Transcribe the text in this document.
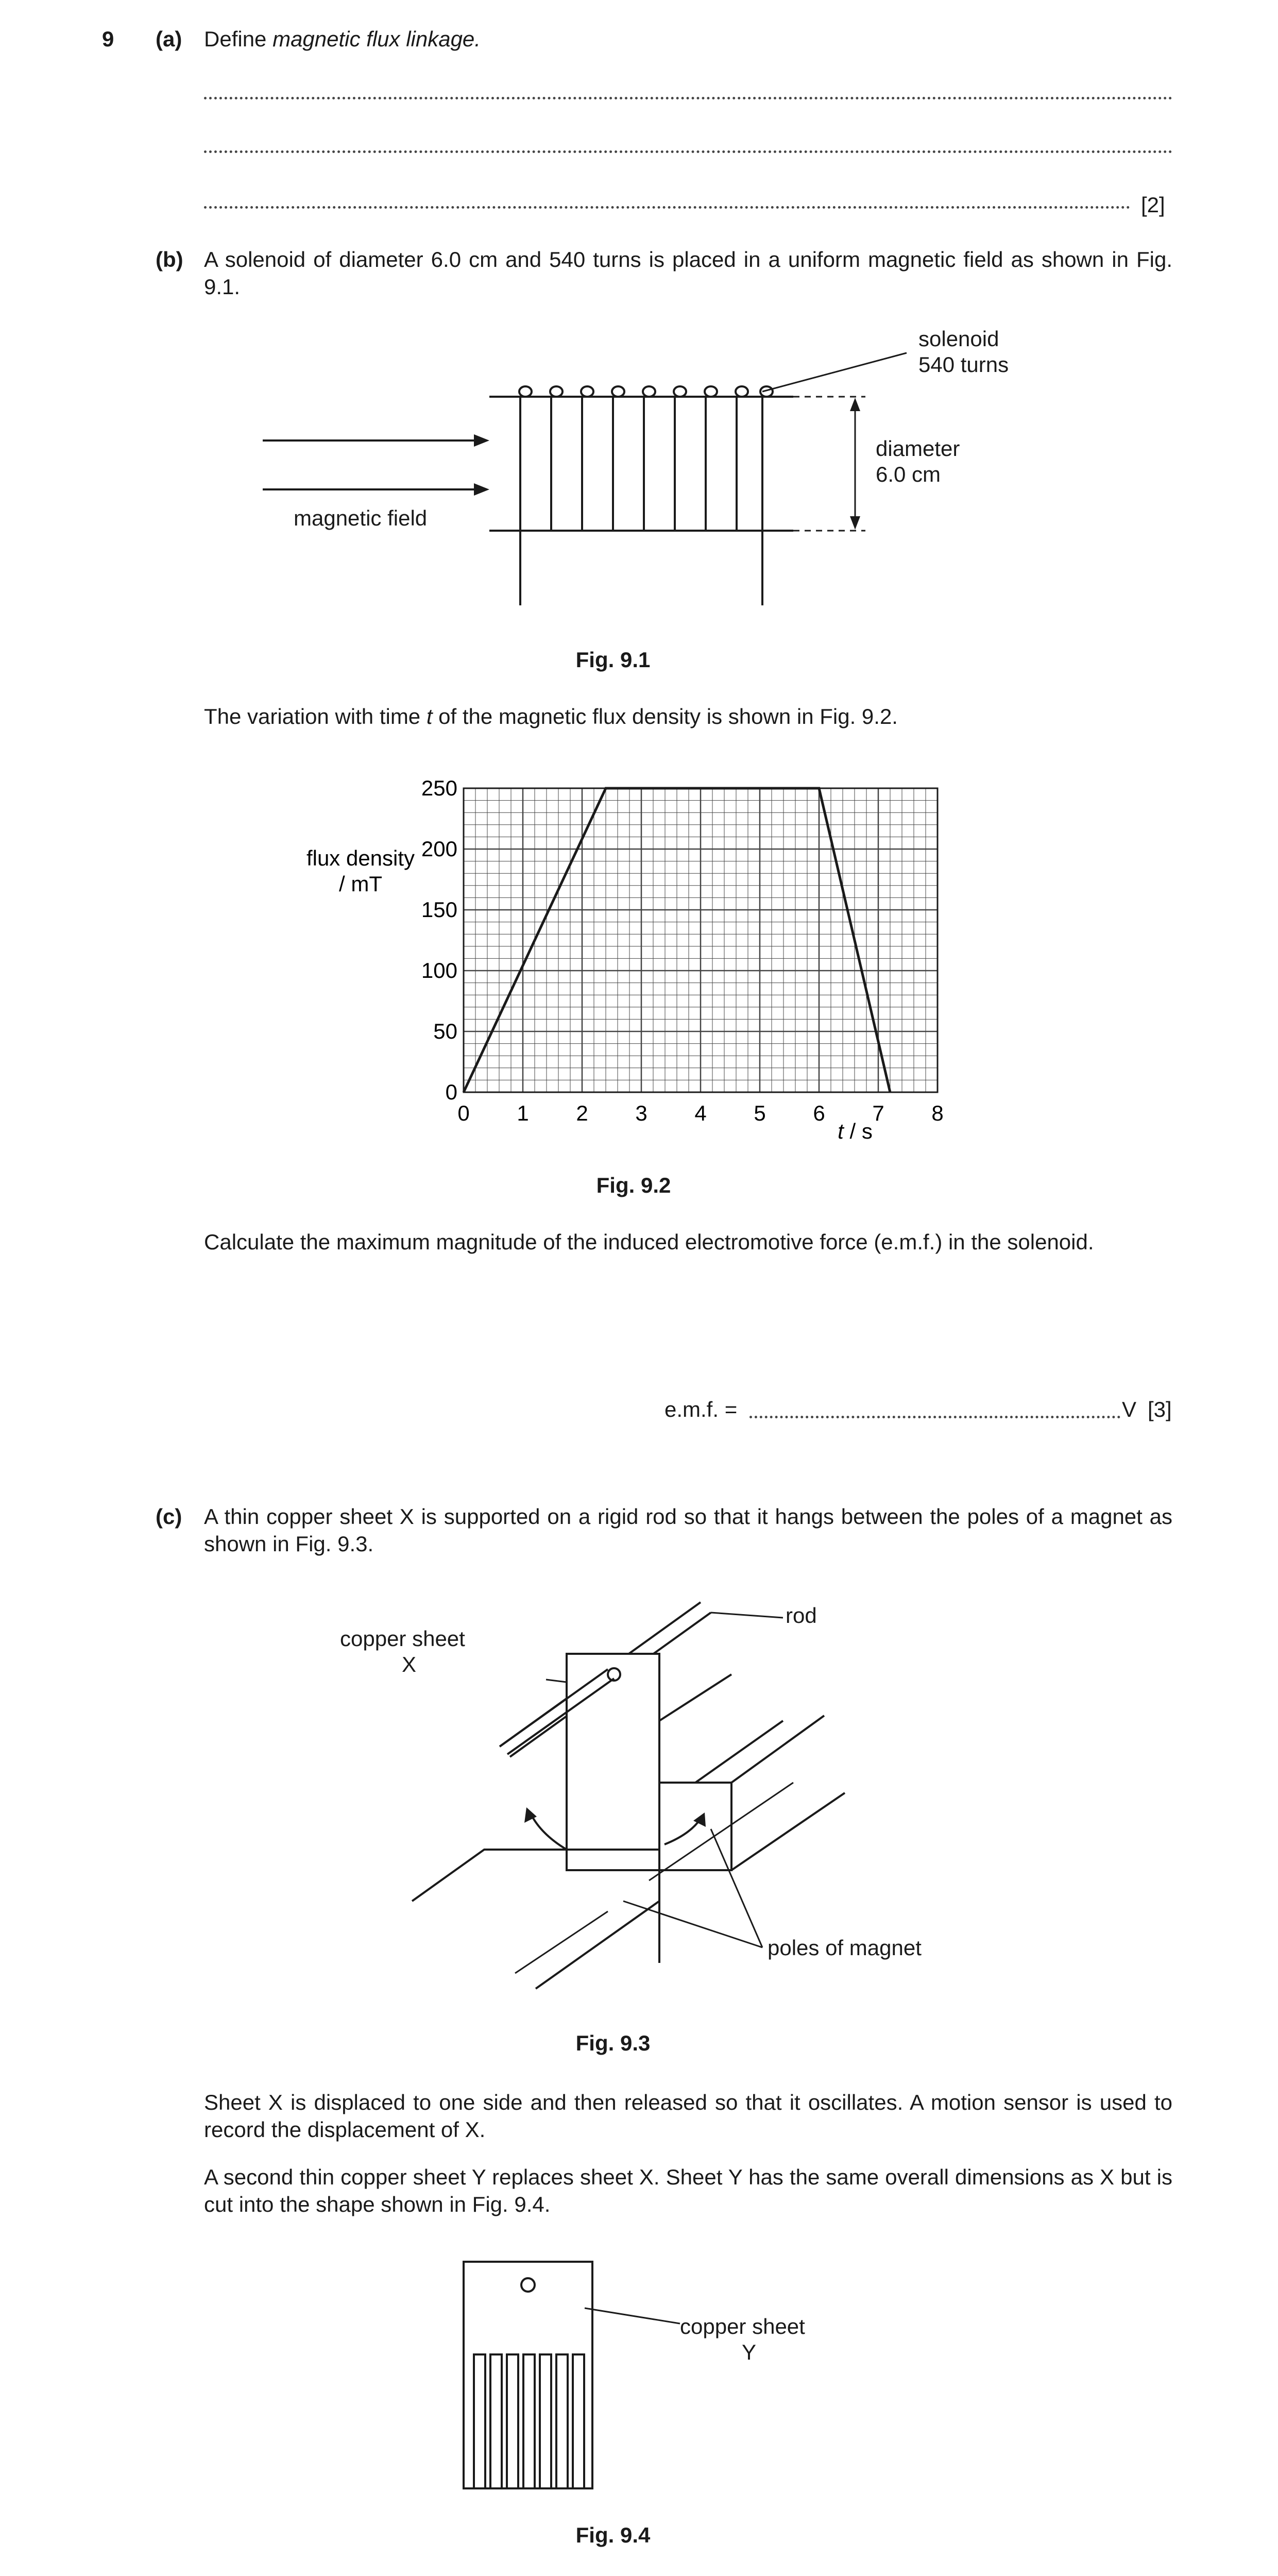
9 (a) Define magnetic flux linkage.
[2]
(b) A solenoid of diameter 6.0 cm and 540 turns is placed in a uniform magnetic field as shown in Fig. 9.1.
solenoid
540 turns
diameter
6.0 cm
magnetic field
Fig. 9.1
The variation with time t of the magnetic flux density is shown in Fig. 9.2.
0 1 2 3 4 5 6 7 8
0
50
100
150
200
250
flux density
/ mT
t / s
Fig. 9.2
Calculate the maximum magnitude of the induced electromotive force (e.m.f.) in the solenoid.
e.m.f. =	V [3]
(c) A thin copper sheet X is supported on a rigid rod so that it hangs between the poles of a magnet as shown in Fig. 9.3.
copper sheet
X
rod
poles of magnet
Fig. 9.3
Sheet X is displaced to one side and then released so that it oscillates. A motion sensor is used to record the displacement of X.
A second thin copper sheet Y replaces sheet X. Sheet Y has the same overall dimensions as X but is cut into the shape shown in Fig. 9.4.
copper sheet
Y
Fig. 9.4
